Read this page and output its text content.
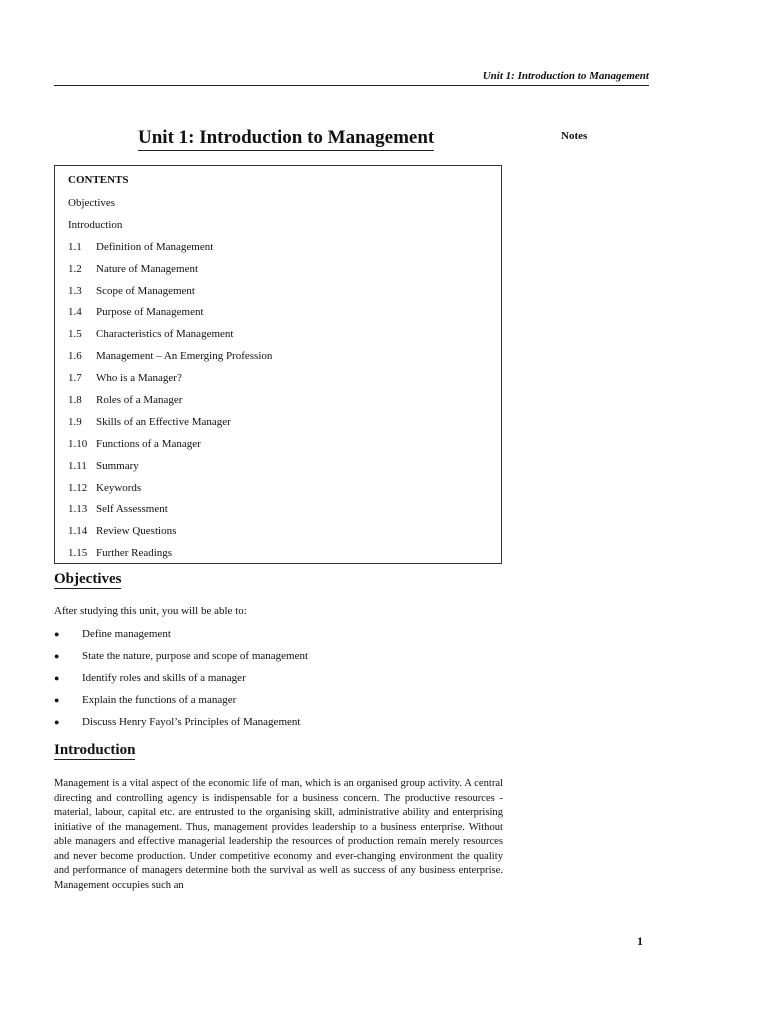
Unit 1: Introduction to Management
Unit 1: Introduction to Management	Notes
CONTENTS
Objectives
Introduction
1.1 Definition of Management
1.2 Nature of Management
1.3 Scope of Management
1.4 Purpose of Management
1.5 Characteristics of Management
1.6 Management – An Emerging Profession
1.7 Who is a Manager?
1.8 Roles of a Manager
1.9 Skills of an Effective Manager
1.10 Functions of a Manager
1.11 Summary
1.12 Keywords
1.13 Self Assessment
1.14 Review Questions
1.15 Further Readings
Objectives
After studying this unit, you will be able to:
● Define management
● State the nature, purpose and scope of management
● Identify roles and skills of a manager
● Explain the functions of a manager
● Discuss Henry Fayol’s Principles of Management
Introduction

Management is a vital aspect of the economic life of man, which is an organised group activity. A central directing and controlling agency is indispensable for a business concern. The productive resources - material, labour, capital etc. are entrusted to the organising skill, administrative ability and enterprising initiative of the management. Thus, management provides leadership to a business enterprise. Without able managers and effective managerial leadership the resources of production remain merely resources and never become production. Under competitive economy and ever-changing environment the quality and performance of managers determine both the survival as well as success of any business enterprise. Management occupies such an

1
